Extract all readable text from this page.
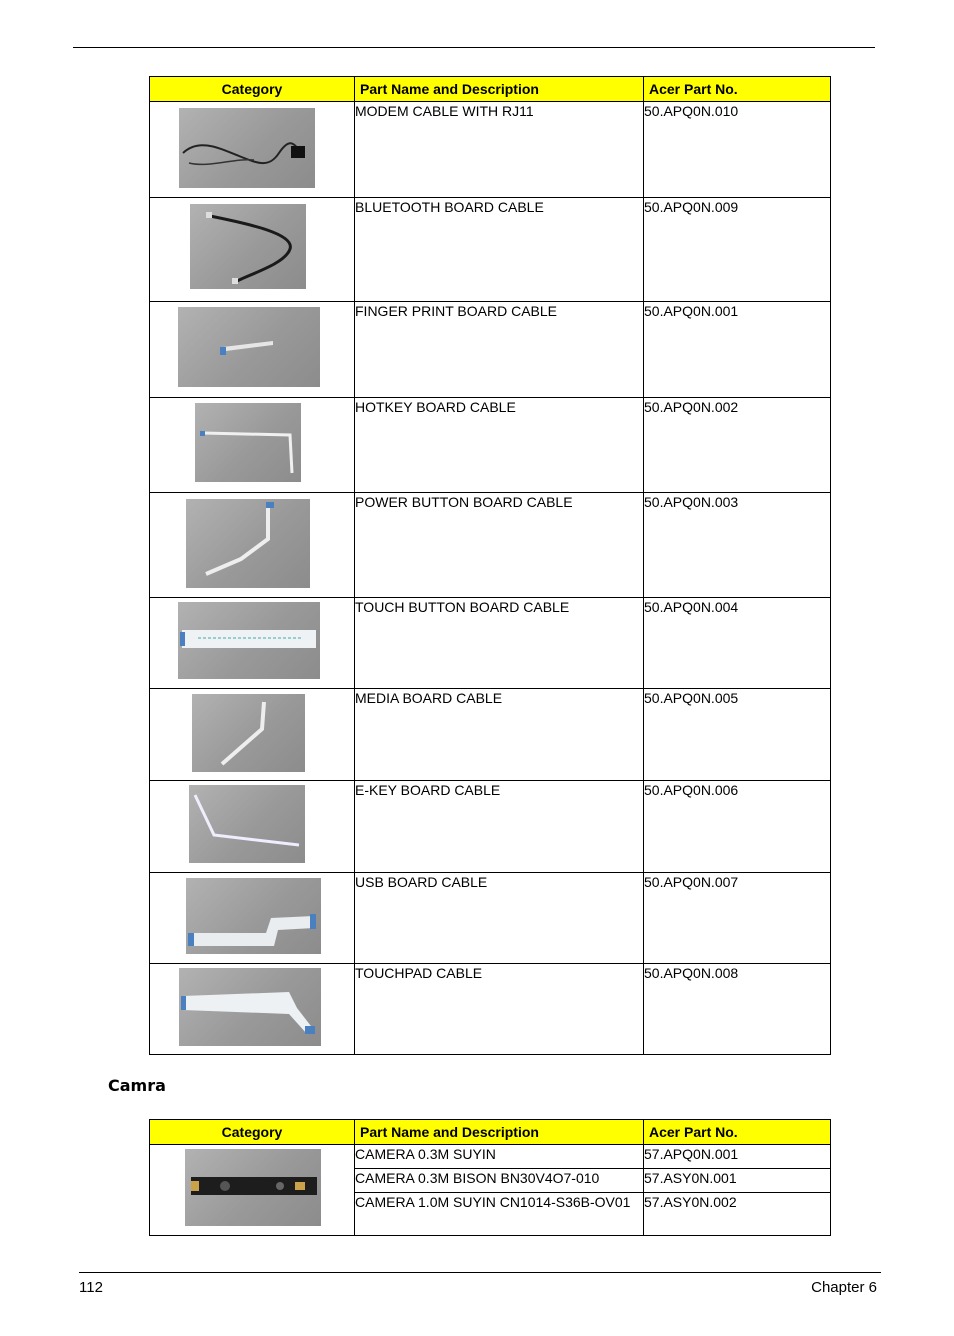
Category	Part Name and Description	Acer Part No.

	MODEM CABLE WITH RJ11	50.APQ0N.010

	BLUETOOTH BOARD CABLE	50.APQ0N.009

	FINGER PRINT BOARD CABLE	50.APQ0N.001

	HOTKEY BOARD CABLE	50.APQ0N.002

	POWER BUTTON BOARD CABLE	50.APQ0N.003

	TOUCH BUTTON BOARD CABLE	50.APQ0N.004

	MEDIA BOARD CABLE	50.APQ0N.005

	E-KEY BOARD CABLE	50.APQ0N.006

	USB BOARD CABLE	50.APQ0N.007

	TOUCHPAD CABLE	50.APQ0N.008
Camra
Category	Part Name and Description	Acer Part No.

	CAMERA 0.3M SUYIN	57.APQ0N.001
	CAMERA 0.3M BISON BN30V4O7-010	57.ASY0N.001
	CAMERA 1.0M SUYIN CN1014-S36B-OV01	57.ASY0N.002
112	Chapter 6
